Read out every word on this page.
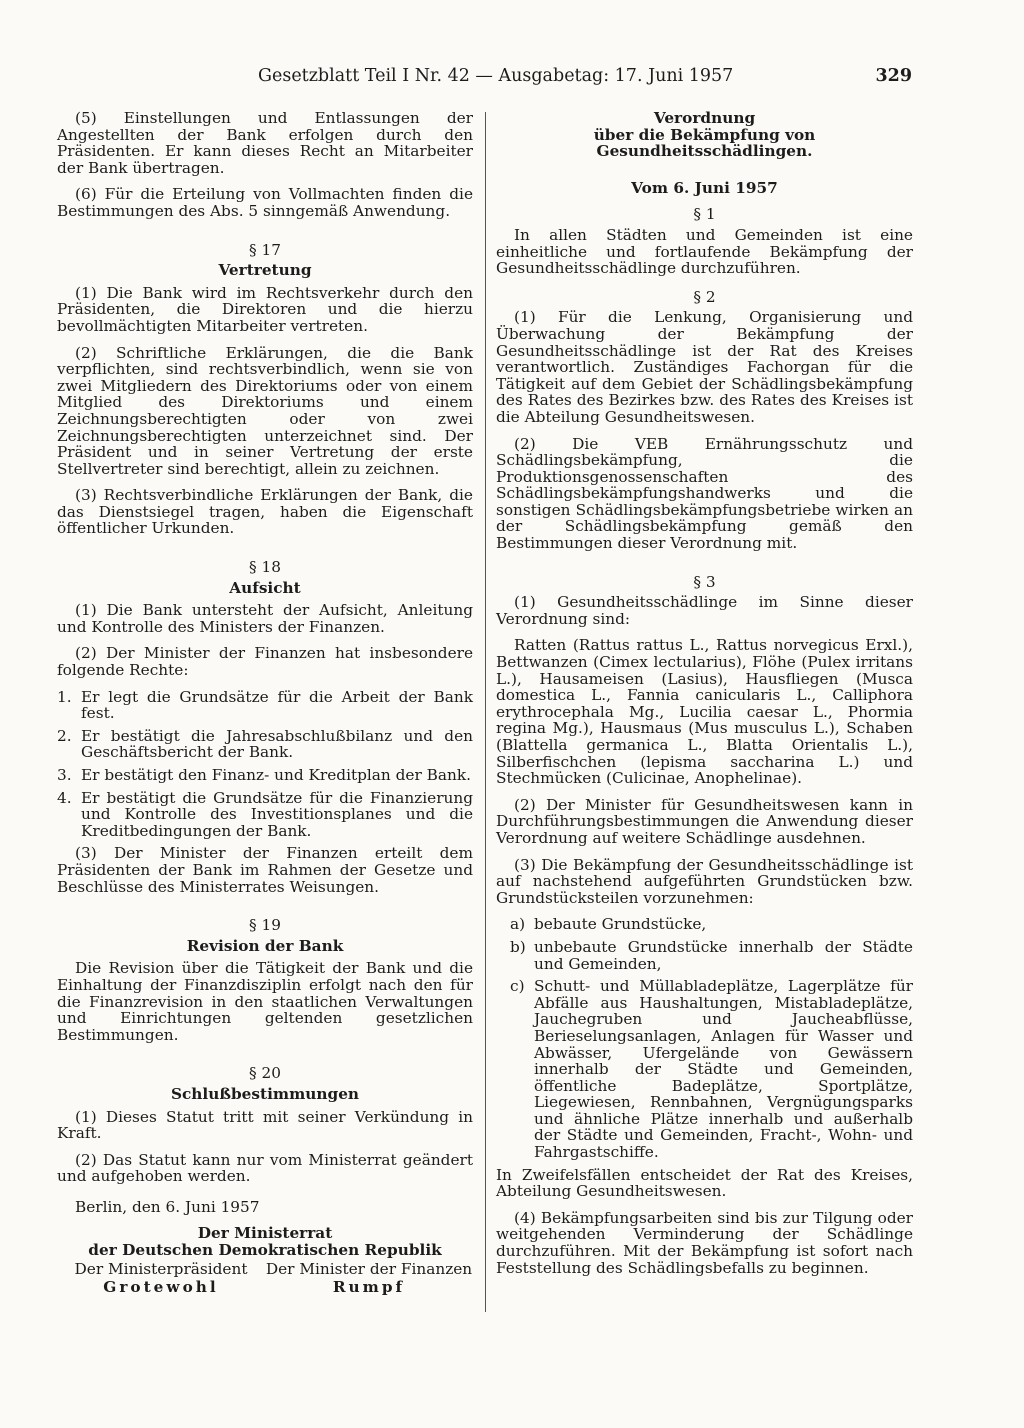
Gesetzblatt Teil I Nr. 42 — Ausgabetag: 17. Juni 1957	329

(5) Einstellungen und Entlassungen der Angestellten der Bank erfolgen durch den Präsidenten. Er kann dieses Recht an Mitarbeiter der Bank übertragen.

(6) Für die Erteilung von Vollmachten finden die Bestimmungen des Abs. 5 sinngemäß Anwendung.

§ 17
Vertretung

(1) Die Bank wird im Rechtsverkehr durch den Präsidenten, die Direktoren und die hierzu bevollmächtigten Mitarbeiter vertreten.

(2) Schriftliche Erklärungen, die die Bank verpflichten, sind rechtsverbindlich, wenn sie von zwei Mitgliedern des Direktoriums oder von einem Mitglied des Direktoriums und einem Zeichnungsberechtigten oder von zwei Zeichnungsberechtigten unterzeichnet sind. Der Präsident und in seiner Vertretung der erste Stellvertreter sind berechtigt, allein zu zeichnen.

(3) Rechtsverbindliche Erklärungen der Bank, die das Dienstsiegel tragen, haben die Eigenschaft öffentlicher Urkunden.

§ 18
Aufsicht

(1) Die Bank untersteht der Aufsicht, Anleitung und Kontrolle des Ministers der Finanzen.

(2) Der Minister der Finanzen hat insbesondere folgende Rechte:

1. Er legt die Grundsätze für die Arbeit der Bank fest.
2. Er bestätigt die Jahresabschlußbilanz und den Geschäftsbericht der Bank.
3. Er bestätigt den Finanz- und Kreditplan der Bank.
4. Er bestätigt die Grundsätze für die Finanzierung und Kontrolle des Investitionsplanes und die Kreditbedingungen der Bank.

(3) Der Minister der Finanzen erteilt dem Präsidenten der Bank im Rahmen der Gesetze und Beschlüsse des Ministerrates Weisungen.

§ 19
Revision der Bank

Die Revision über die Tätigkeit der Bank und die Einhaltung der Finanzdisziplin erfolgt nach den für die Finanzrevision in den staatlichen Verwaltungen und Einrichtungen geltenden gesetzlichen Bestimmungen.

§ 20
Schlußbestimmungen

(1) Dieses Statut tritt mit seiner Verkündung in Kraft.

(2) Das Statut kann nur vom Ministerrat geändert und aufgehoben werden.

Berlin, den 6. Juni 1957

Der Ministerrat
der Deutschen Demokratischen Republik
Der Ministerpräsident	Der Minister der Finanzen
Grotewohl	Rumpf
Verordnung
über die Bekämpfung von Gesundheitsschädlingen.
Vom 6. Juni 1957
§ 1

In allen Städten und Gemeinden ist eine einheitliche und fortlaufende Bekämpfung der Gesundheitsschädlinge durchzuführen.

§ 2

(1) Für die Lenkung, Organisierung und Überwachung der Bekämpfung der Gesundheitsschädlinge ist der Rat des Kreises verantwortlich. Zuständiges Fachorgan für die Tätigkeit auf dem Gebiet der Schädlingsbekämpfung des Rates des Bezirkes bzw. des Rates des Kreises ist die Abteilung Gesundheitswesen.

(2) Die VEB Ernährungsschutz und Schädlingsbekämpfung, die Produktionsgenossenschaften des Schädlingsbekämpfungshandwerks und die sonstigen Schädlingsbekämpfungsbetriebe wirken an der Schädlingsbekämpfung gemäß den Bestimmungen dieser Verordnung mit.

§ 3

(1) Gesundheitsschädlinge im Sinne dieser Verordnung sind:

Ratten (Rattus rattus L., Rattus norvegicus Erxl.), Bettwanzen (Cimex lectularius), Flöhe (Pulex irritans L.), Hausameisen (Lasius), Hausfliegen (Musca domestica L., Fannia canicularis L., Calliphora erythrocephala Mg., Lucilia caesar L., Phormia regina Mg.), Hausmaus (Mus musculus L.), Schaben (Blattella germanica L., Blatta Orientalis L.), Silberfischchen (lepisma saccharina L.) und Stechmücken (Culicinae, Anophelinae).

(2) Der Minister für Gesundheitswesen kann in Durchführungsbestimmungen die Anwendung dieser Verordnung auf weitere Schädlinge ausdehnen.

(3) Die Bekämpfung der Gesundheitsschädlinge ist auf nachstehend aufgeführten Grundstücken bzw. Grundstücksteilen vorzunehmen:

a) bebaute Grundstücke,
b) unbebaute Grundstücke innerhalb der Städte und Gemeinden,
c) Schutt- und Müllabladeplätze, Lagerplätze für Abfälle aus Haushaltungen, Mistabladeplätze, Jauchegruben und Jaucheabflüsse, Berieselungsanlagen, Anlagen für Wasser und Abwässer, Ufergelände von Gewässern innerhalb der Städte und Gemeinden, öffentliche Badeplätze, Sportplätze, Liegewiesen, Rennbahnen, Vergnügungsparks und ähnliche Plätze innerhalb und außerhalb der Städte und Gemeinden, Fracht-, Wohn- und Fahrgastschiffe.

In Zweifelsfällen entscheidet der Rat des Kreises, Abteilung Gesundheitswesen.

(4) Bekämpfungsarbeiten sind bis zur Tilgung oder weitgehenden Verminderung der Schädlinge durchzuführen. Mit der Bekämpfung ist sofort nach Feststellung des Schädlingsbefalls zu beginnen.
